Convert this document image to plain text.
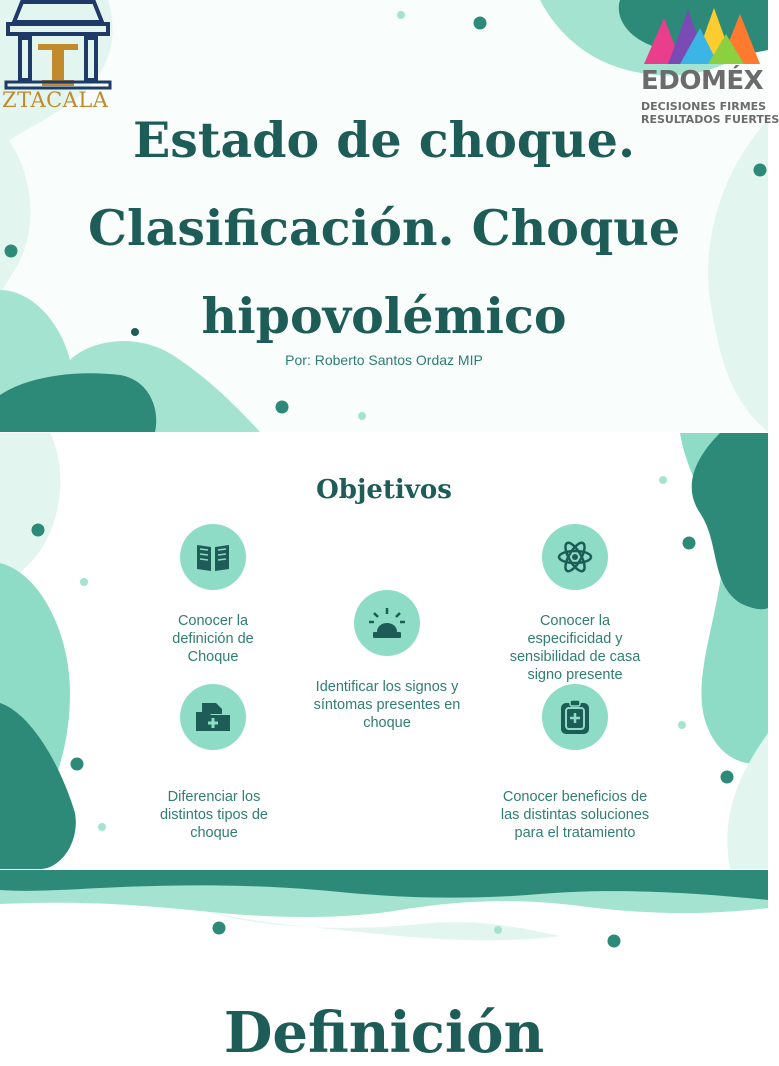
ZTACALA
EDOMÉX
DECISIONES FIRMES
RESULTADOS FUERTES
Estado de choque.
Clasificación. Choque
hipovolémico
Por: Roberto Santos Ordaz MIP
Objetivos
Conocer la definición de Choque
Identificar los signos y síntomas presentes en choque
Conocer la especificidad y sensibilidad de casa signo presente
Diferenciar los distintos tipos de choque
Conocer beneficios de las distintas soluciones para el tratamiento
Definición
